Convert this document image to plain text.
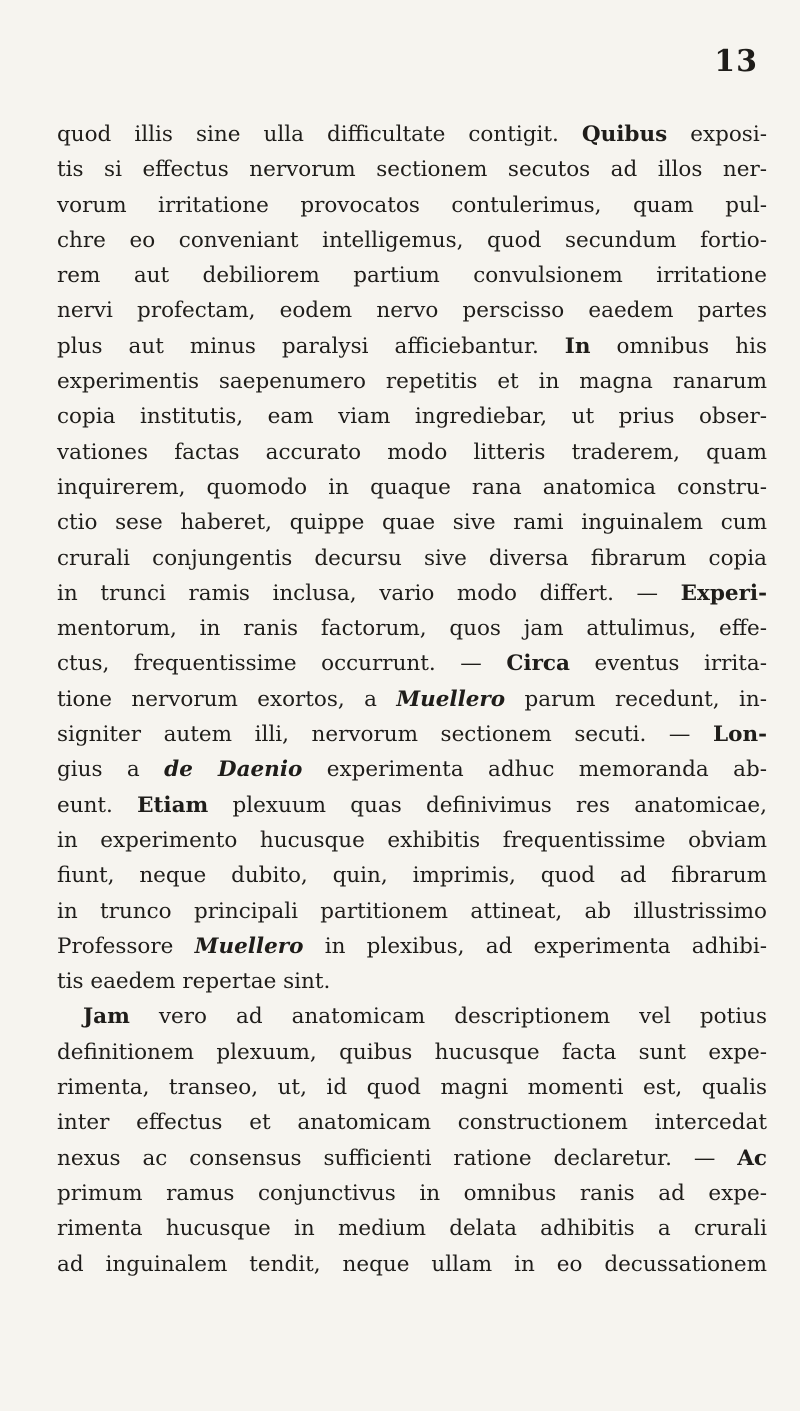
13
quod illis sine ulla difficultate contigit. Quibus exposi-
tis si effectus nervorum sectionem secutos ad illos ner-
vorum irritatione provocatos contulerimus, quam pul-
chre eo conveniant intelligemus, quod secundum fortio-
rem aut debiliorem partium convulsionem irritatione
nervi profectam, eodem nervo perscisso eaedem partes
plus aut minus paralysi afficiebantur. In omnibus his
experimentis saepenumero repetitis et in magna ranarum
copia institutis, eam viam ingrediebar, ut prius obser-
vationes factas accurato modo litteris traderem, quam
inquirerem, quomodo in quaque rana anatomica constru-
ctio sese haberet, quippe quae sive rami inguinalem cum
crurali conjungentis decursu sive diversa fibrarum copia
in trunci ramis inclusa, vario modo differt. — Experi-
mentorum, in ranis factorum, quos jam attulimus, effe-
ctus, frequentissime occurrunt. — Circa eventus irrita-
tione nervorum exortos, a Muellero parum recedunt, in-
signiter autem illi, nervorum sectionem secuti. — Lon-
gius a de Daenio experimenta adhuc memoranda ab-
eunt. Etiam plexuum quas definivimus res anatomicae,
in experimento hucusque exhibitis frequentissime obviam
fiunt, neque dubito, quin, imprimis, quod ad fibrarum
in trunco principali partitionem attineat, ab illustrissimo
Professore Muellero in plexibus, ad experimenta adhibi-
tis eaedem repertae sint.
Jam vero ad anatomicam descriptionem vel potius
definitionem plexuum, quibus hucusque facta sunt expe-
rimenta, transeo, ut, id quod magni momenti est, qualis
inter effectus et anatomicam constructionem intercedat
nexus ac consensus sufficienti ratione declaretur. — Ac
primum ramus conjunctivus in omnibus ranis ad expe-
rimenta hucusque in medium delata adhibitis a crurali
ad inguinalem tendit, neque ullam in eo decussationem
